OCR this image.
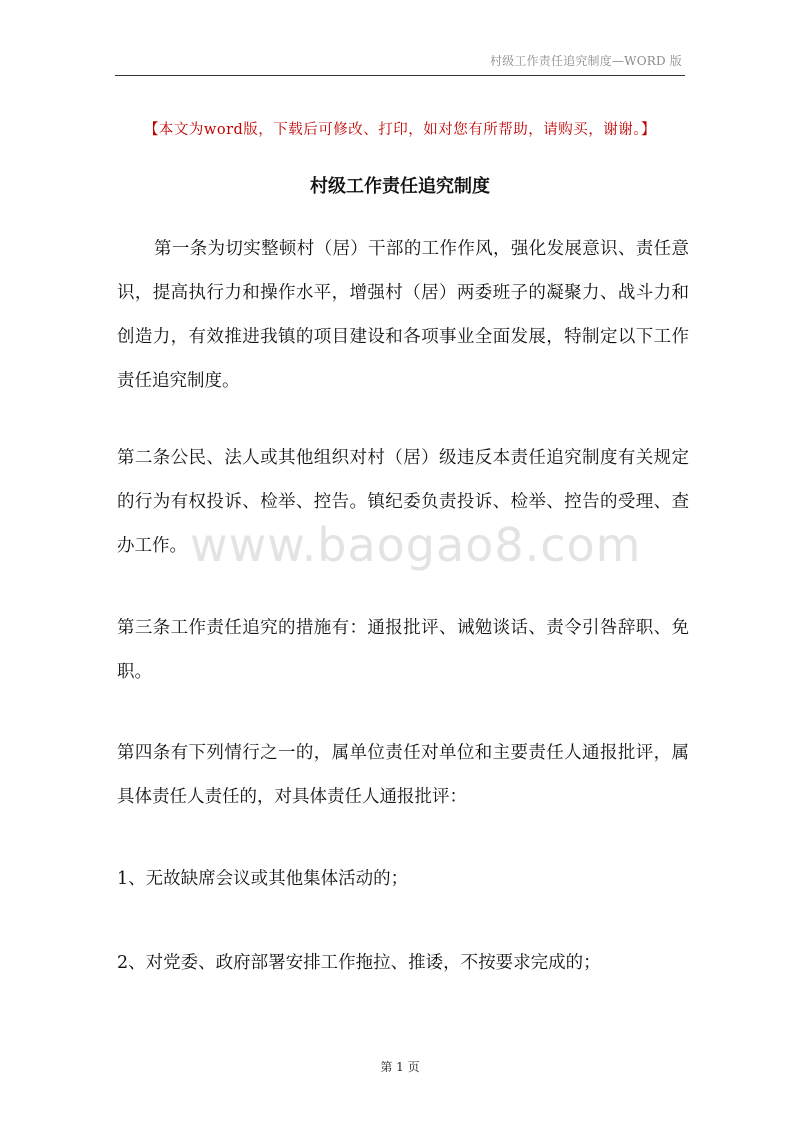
村级工作责任追究制度—WORD 版
【本文为word版，下载后可修改、打印，如对您有所帮助，请购买，谢谢。】
村级工作责任追究制度

第一条为切实整顿村（居）干部的工作作风，强化发展意识、责任意识，提高执行力和操作水平，增强村（居）两委班子的凝聚力、战斗力和创造力，有效推进我镇的项目建设和各项事业全面发展，特制定以下工作责任追究制度。

第二条公民、法人或其他组织对村（居）级违反本责任追究制度有关规定的行为有权投诉、检举、控告。镇纪委负责投诉、检举、控告的受理、查办工作。

第三条工作责任追究的措施有：通报批评、诫勉谈话、责令引咎辞职、免职。

第四条有下列情行之一的，属单位责任对单位和主要责任人通报批评，属具体责任人责任的，对具体责任人通报批评：

1、无故缺席会议或其他集体活动的；

2、对党委、政府部署安排工作拖拉、推诿，不按要求完成的；

www.baogao8.com
第 1 页
